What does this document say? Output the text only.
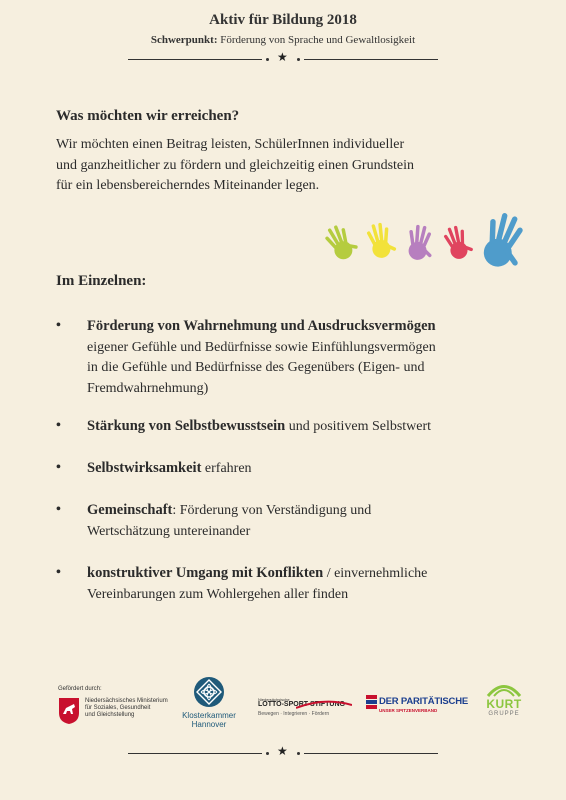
Aktiv für Bildung 2018
Schwerpunkt: Förderung von Sprache und Gewaltlosigkeit
★
Was möchten wir erreichen?
Wir möchten einen Beitrag leisten, SchülerInnen individueller
und ganzheitlicher zu fördern und gleichzeitig einen Grundstein
für ein lebensbereicherndes Miteinander legen.
Im Einzelnen:
•	Förderung von Wahrnehmung und Ausdrucksvermögen
eigener Gefühle und Bedürfnisse sowie Einfühlungsvermögen
in die Gefühle und Bedürfnisse des Gegenübers (Eigen- und
Fremdwahrnehmung)
•	Stärkung von Selbstbewusstsein und positivem Selbstwert
•	Selbstwirksamkeit erfahren
•	Gemeinschaft: Förderung von Verständigung und
Wertschätzung untereinander
•	konstruktiver Umgang mit Konflikten / einvernehmliche
Vereinbarungen zum Wohlergehen aller finden
Gefördert durch:
Niedersächsisches Ministerium
für Soziales, Gesundheit
und Gleichstellung	Klosterkammer
Hannover
Niedersächsische
LOTTO-SPORT-STIFTUNG
Bewegen · Integrieren · Fördern
DER PARITÄTISCHE
UNSER SPITZENVERBAND	KURT
GRUPPE
★
